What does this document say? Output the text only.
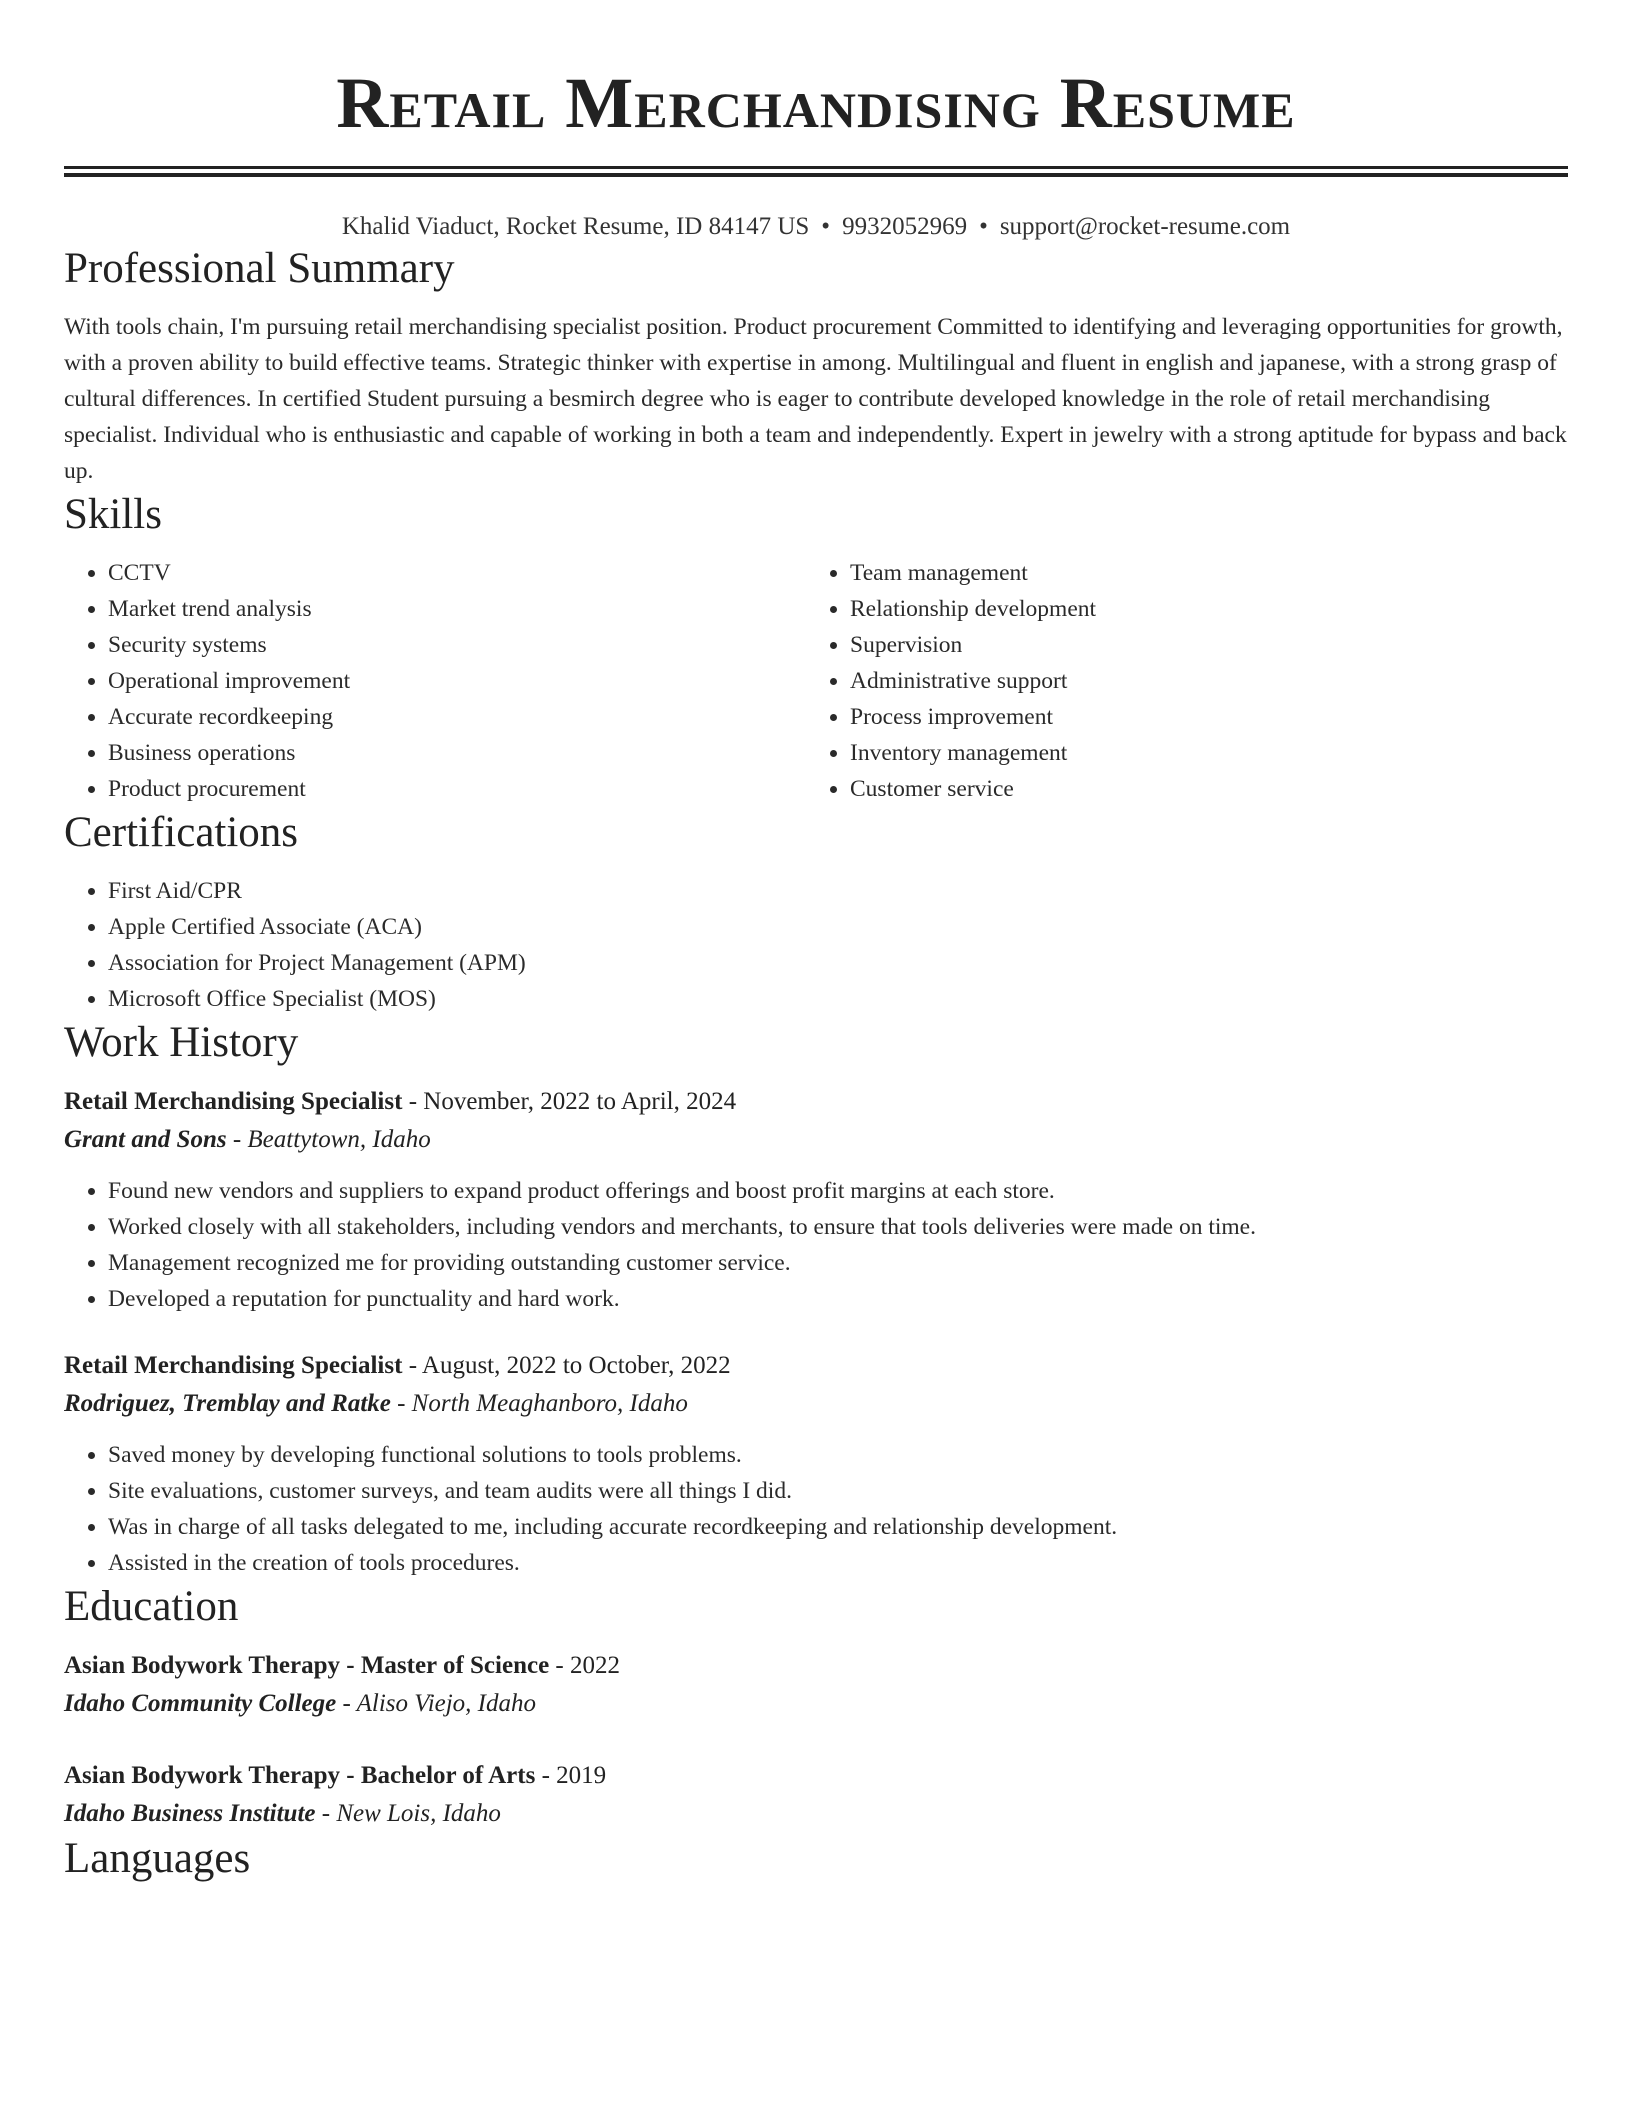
Retail Merchandising Resume
Khalid Viaduct, Rocket Resume, ID 84147 US • 9932052969 • support@rocket-resume.com
Professional Summary

With tools chain, I'm pursuing retail merchandising specialist position. Product procurement Committed to identifying and leveraging opportunities for growth, with a proven ability to build effective teams. Strategic thinker with expertise in among. Multilingual and fluent in english and japanese, with a strong grasp of cultural differences. In certified Student pursuing a besmirch degree who is eager to contribute developed knowledge in the role of retail merchandising specialist. Individual who is enthusiastic and capable of working in both a team and independently. Expert in jewelry with a strong aptitude for bypass and back up.

Skills
• CCTV
• Market trend analysis
• Security systems
• Operational improvement
• Accurate recordkeeping
• Business operations
• Product procurement
• Team management
• Relationship development
• Supervision
• Administrative support
• Process improvement
• Inventory management
• Customer service
Certifications
• First Aid/CPR
• Apple Certified Associate (ACA)
• Association for Project Management (APM)
• Microsoft Office Specialist (MOS)
Work History
Retail Merchandising Specialist - November, 2022 to April, 2024
Grant and Sons - Beattytown, Idaho
• Found new vendors and suppliers to expand product offerings and boost profit margins at each store.
• Worked closely with all stakeholders, including vendors and merchants, to ensure that tools deliveries were made on time.
• Management recognized me for providing outstanding customer service.
• Developed a reputation for punctuality and hard work.
Retail Merchandising Specialist - August, 2022 to October, 2022
Rodriguez, Tremblay and Ratke - North Meaghanboro, Idaho
• Saved money by developing functional solutions to tools problems.
• Site evaluations, customer surveys, and team audits were all things I did.
• Was in charge of all tasks delegated to me, including accurate recordkeeping and relationship development.
• Assisted in the creation of tools procedures.
Education
Asian Bodywork Therapy - Master of Science - 2022
Idaho Community College - Aliso Viejo, Idaho
Asian Bodywork Therapy - Bachelor of Arts - 2019
Idaho Business Institute - New Lois, Idaho
Languages
